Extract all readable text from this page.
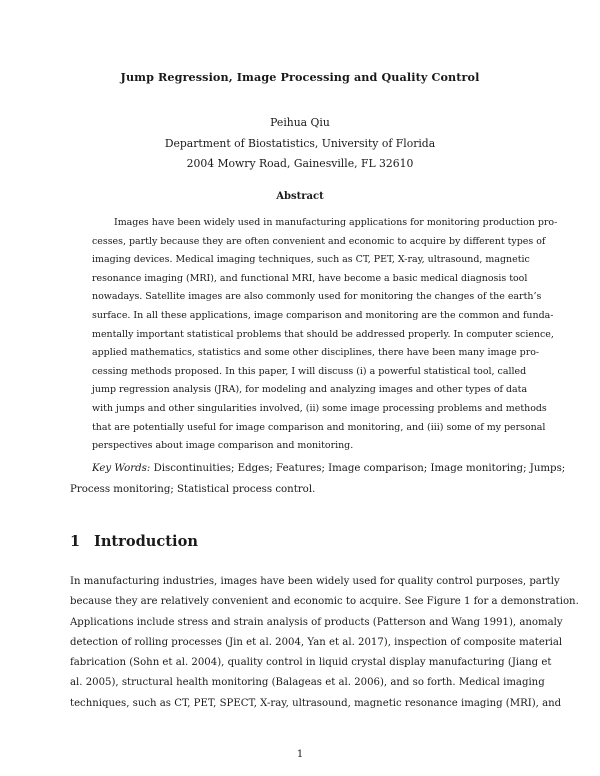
Jump Regression, Image Processing and Quality Control
Peihua Qiu
Department of Biostatistics, University of Florida
2004 Mowry Road, Gainesville, FL 32610
Abstract
Images have been widely used in manufacturing applications for monitoring production pro-
cesses, partly because they are often convenient and economic to acquire by different types of
imaging devices. Medical imaging techniques, such as CT, PET, X-ray, ultrasound, magnetic
resonance imaging (MRI), and functional MRI, have become a basic medical diagnosis tool
nowadays. Satellite images are also commonly used for monitoring the changes of the earth’s
surface. In all these applications, image comparison and monitoring are the common and funda-
mentally important statistical problems that should be addressed properly. In computer science,
applied mathematics, statistics and some other disciplines, there have been many image pro-
cessing methods proposed. In this paper, I will discuss (i) a powerful statistical tool, called
jump regression analysis (JRA), for modeling and analyzing images and other types of data
with jumps and other singularities involved, (ii) some image processing problems and methods
that are potentially useful for image comparison and monitoring, and (iii) some of my personal
perspectives about image comparison and monitoring.
Key Words: Discontinuities; Edges; Features; Image comparison; Image monitoring; Jumps;
Process monitoring; Statistical process control.
1 Introduction
In manufacturing industries, images have been widely used for quality control purposes, partly
because they are relatively convenient and economic to acquire. See Figure 1 for a demonstration.
Applications include stress and strain analysis of products (Patterson and Wang 1991), anomaly
detection of rolling processes (Jin et al. 2004, Yan et al. 2017), inspection of composite material
fabrication (Sohn et al. 2004), quality control in liquid crystal display manufacturing (Jiang et
al. 2005), structural health monitoring (Balageas et al. 2006), and so forth. Medical imaging
techniques, such as CT, PET, SPECT, X-ray, ultrasound, magnetic resonance imaging (MRI), and
1
